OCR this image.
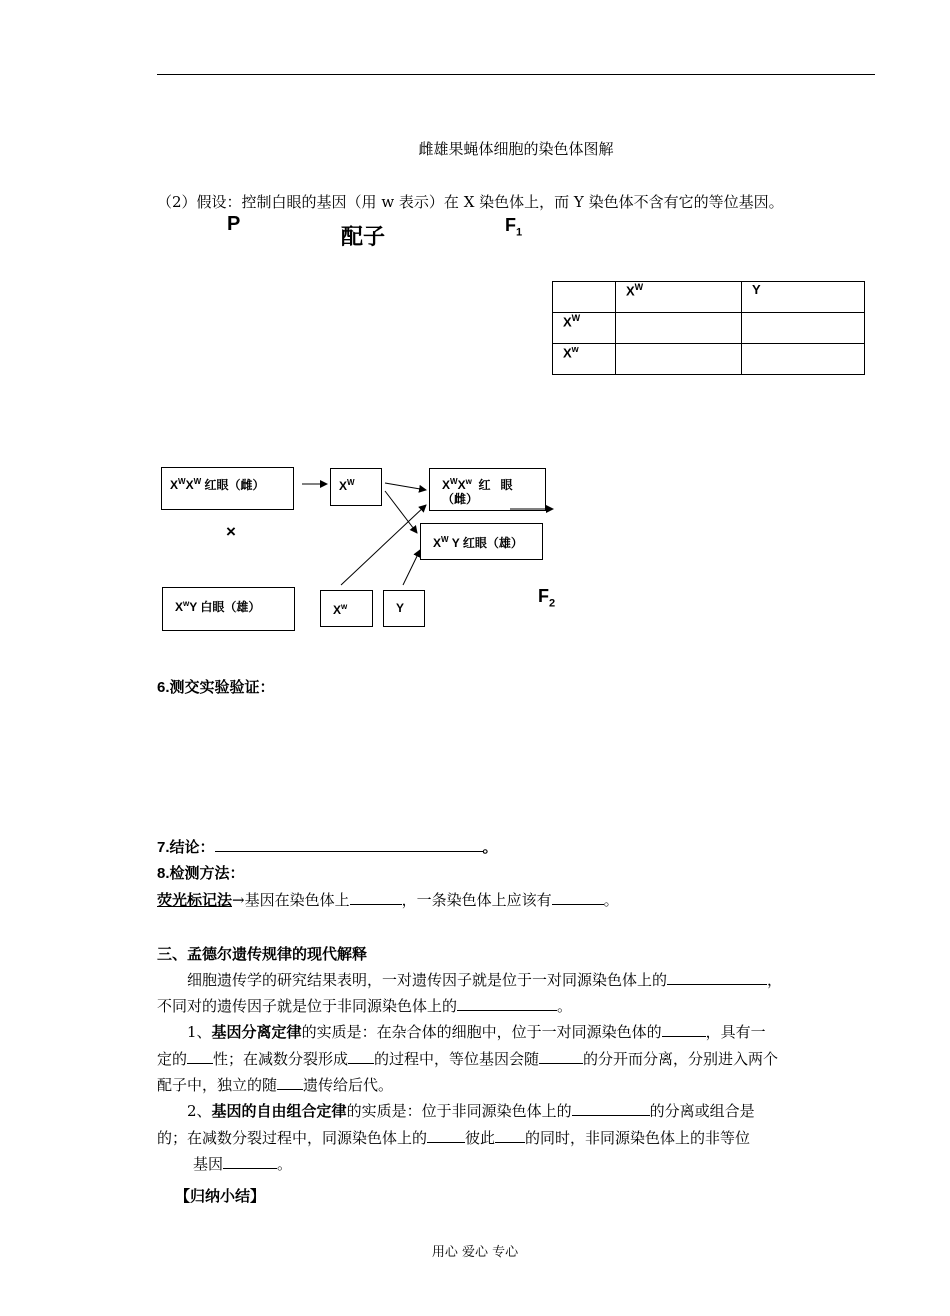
雌雄果蝇体细胞的染色体图解
（2）假设：控制白眼的基因（用 w 表示）在 X 染色体上，而 Y 染色体不含有它的等位基因。
P	配子	$F_1$
	$X^W$	Y
$X^W$		
$X^w$		
$X^WX^W$ 红眼（雌）	$X^W$	$X^WX^w$  红   眼
（雌）
×
$X^W$ Y 红眼（雄）
$X^wY$ 白眼（雄）	$X^w$	Y
$F_2$
6.测交实验验证：
7.结论：	。
8.检测方法：
荧光标记法→基因在染色体上	，一条染色体上应该有	。
三、孟德尔遗传规律的现代解释
细胞遗传学的研究结果表明，一对遗传因子就是位于一对同源染色体上的	，
不同对的遗传因子就是位于非同源染色体上的	。
1、基因分离定律的实质是：在杂合体的细胞中，位于一对同源染色体的	，具有一
定的 性；在减数分裂形成 的过程中，等位基因会随	的分开而分离，分别进入两个
配子中，独立的随 遗传给后代。
2、基因的自由组合定律的实质是：位于非同源染色体上的	的分离或组合是
的；在减数分裂过程中，同源染色体上的	彼此 的同时，非同源染色体上的非等位
基因	。
【归纳小结】
用心 爱心 专心
